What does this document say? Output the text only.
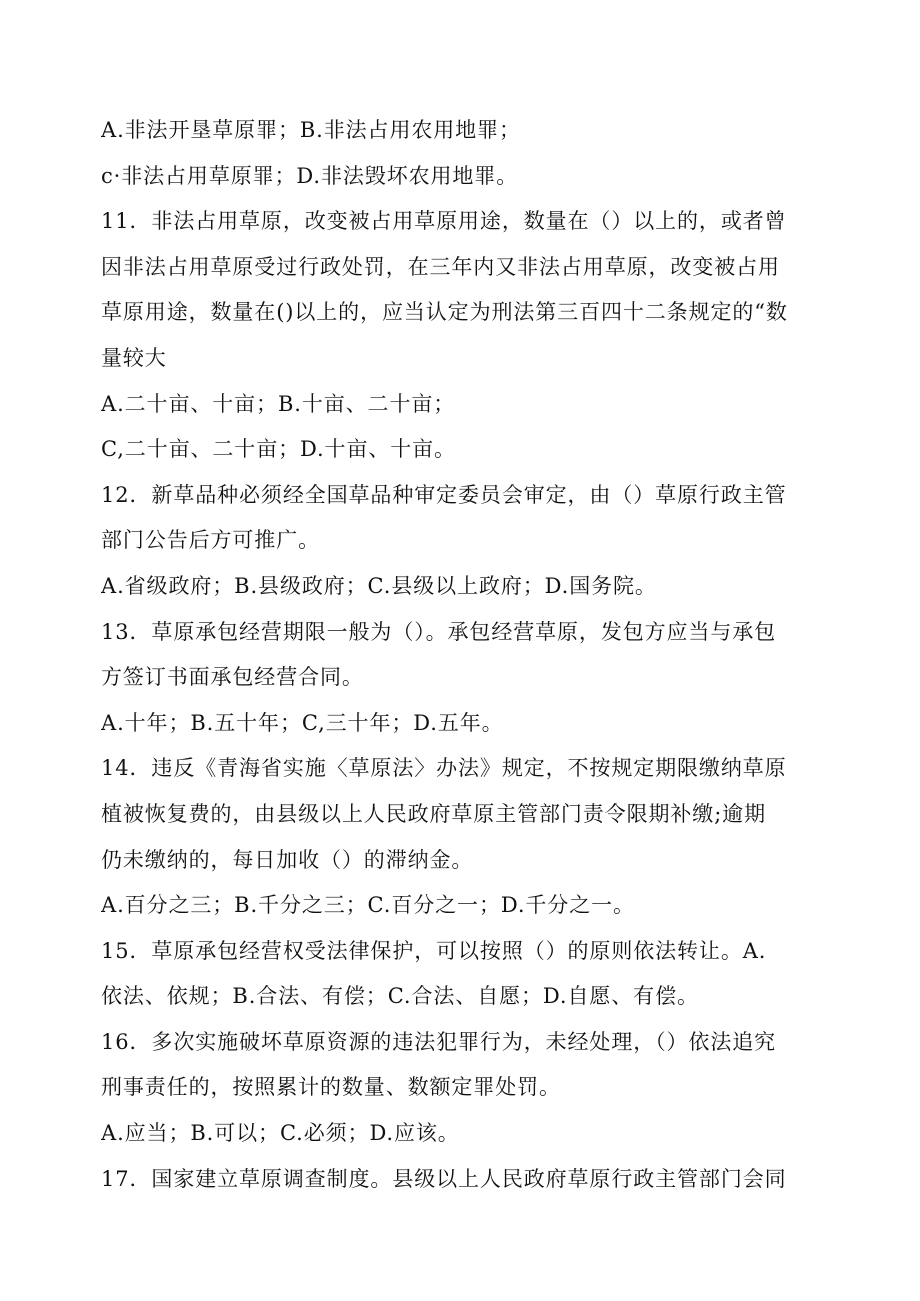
A.非法开垦草原罪；B.非法占用农用地罪；
c·非法占用草原罪；D.非法毁坏农用地罪。
11．非法占用草原，改变被占用草原用途，数量在（）以上的，或者曾
因非法占用草原受过行政处罚，在三年内又非法占用草原，改变被占用
草原用途，数量在()以上的，应当认定为刑法第三百四十二条规定的“数
量较大
A.二十亩、十亩；B.十亩、二十亩；
C,二十亩、二十亩；D.十亩、十亩。
12．新草品种必须经全国草品种审定委员会审定，由（）草原行政主管
部门公告后方可推广。
A.省级政府；B.县级政府；C.县级以上政府；D.国务院。
13．草原承包经营期限一般为（）。承包经营草原，发包方应当与承包
方签订书面承包经营合同。
A.十年；B.五十年；C,三十年；D.五年。
14．违反《青海省实施〈草原法〉办法》规定，不按规定期限缴纳草原
植被恢复费的，由县级以上人民政府草原主管部门责令限期补缴;逾期
仍未缴纳的，每日加收（）的滞纳金。
A.百分之三；B.千分之三；C.百分之一；D.千分之一。
15．草原承包经营权受法律保护，可以按照（）的原则依法转让。A.
依法、依规；B.合法、有偿；C.合法、自愿；D.自愿、有偿。
16．多次实施破坏草原资源的违法犯罪行为，未经处理，（）依法追究
刑事责任的，按照累计的数量、数额定罪处罚。
A.应当；B.可以；C.必须；D.应该。
17．国家建立草原调查制度。县级以上人民政府草原行政主管部门会同
